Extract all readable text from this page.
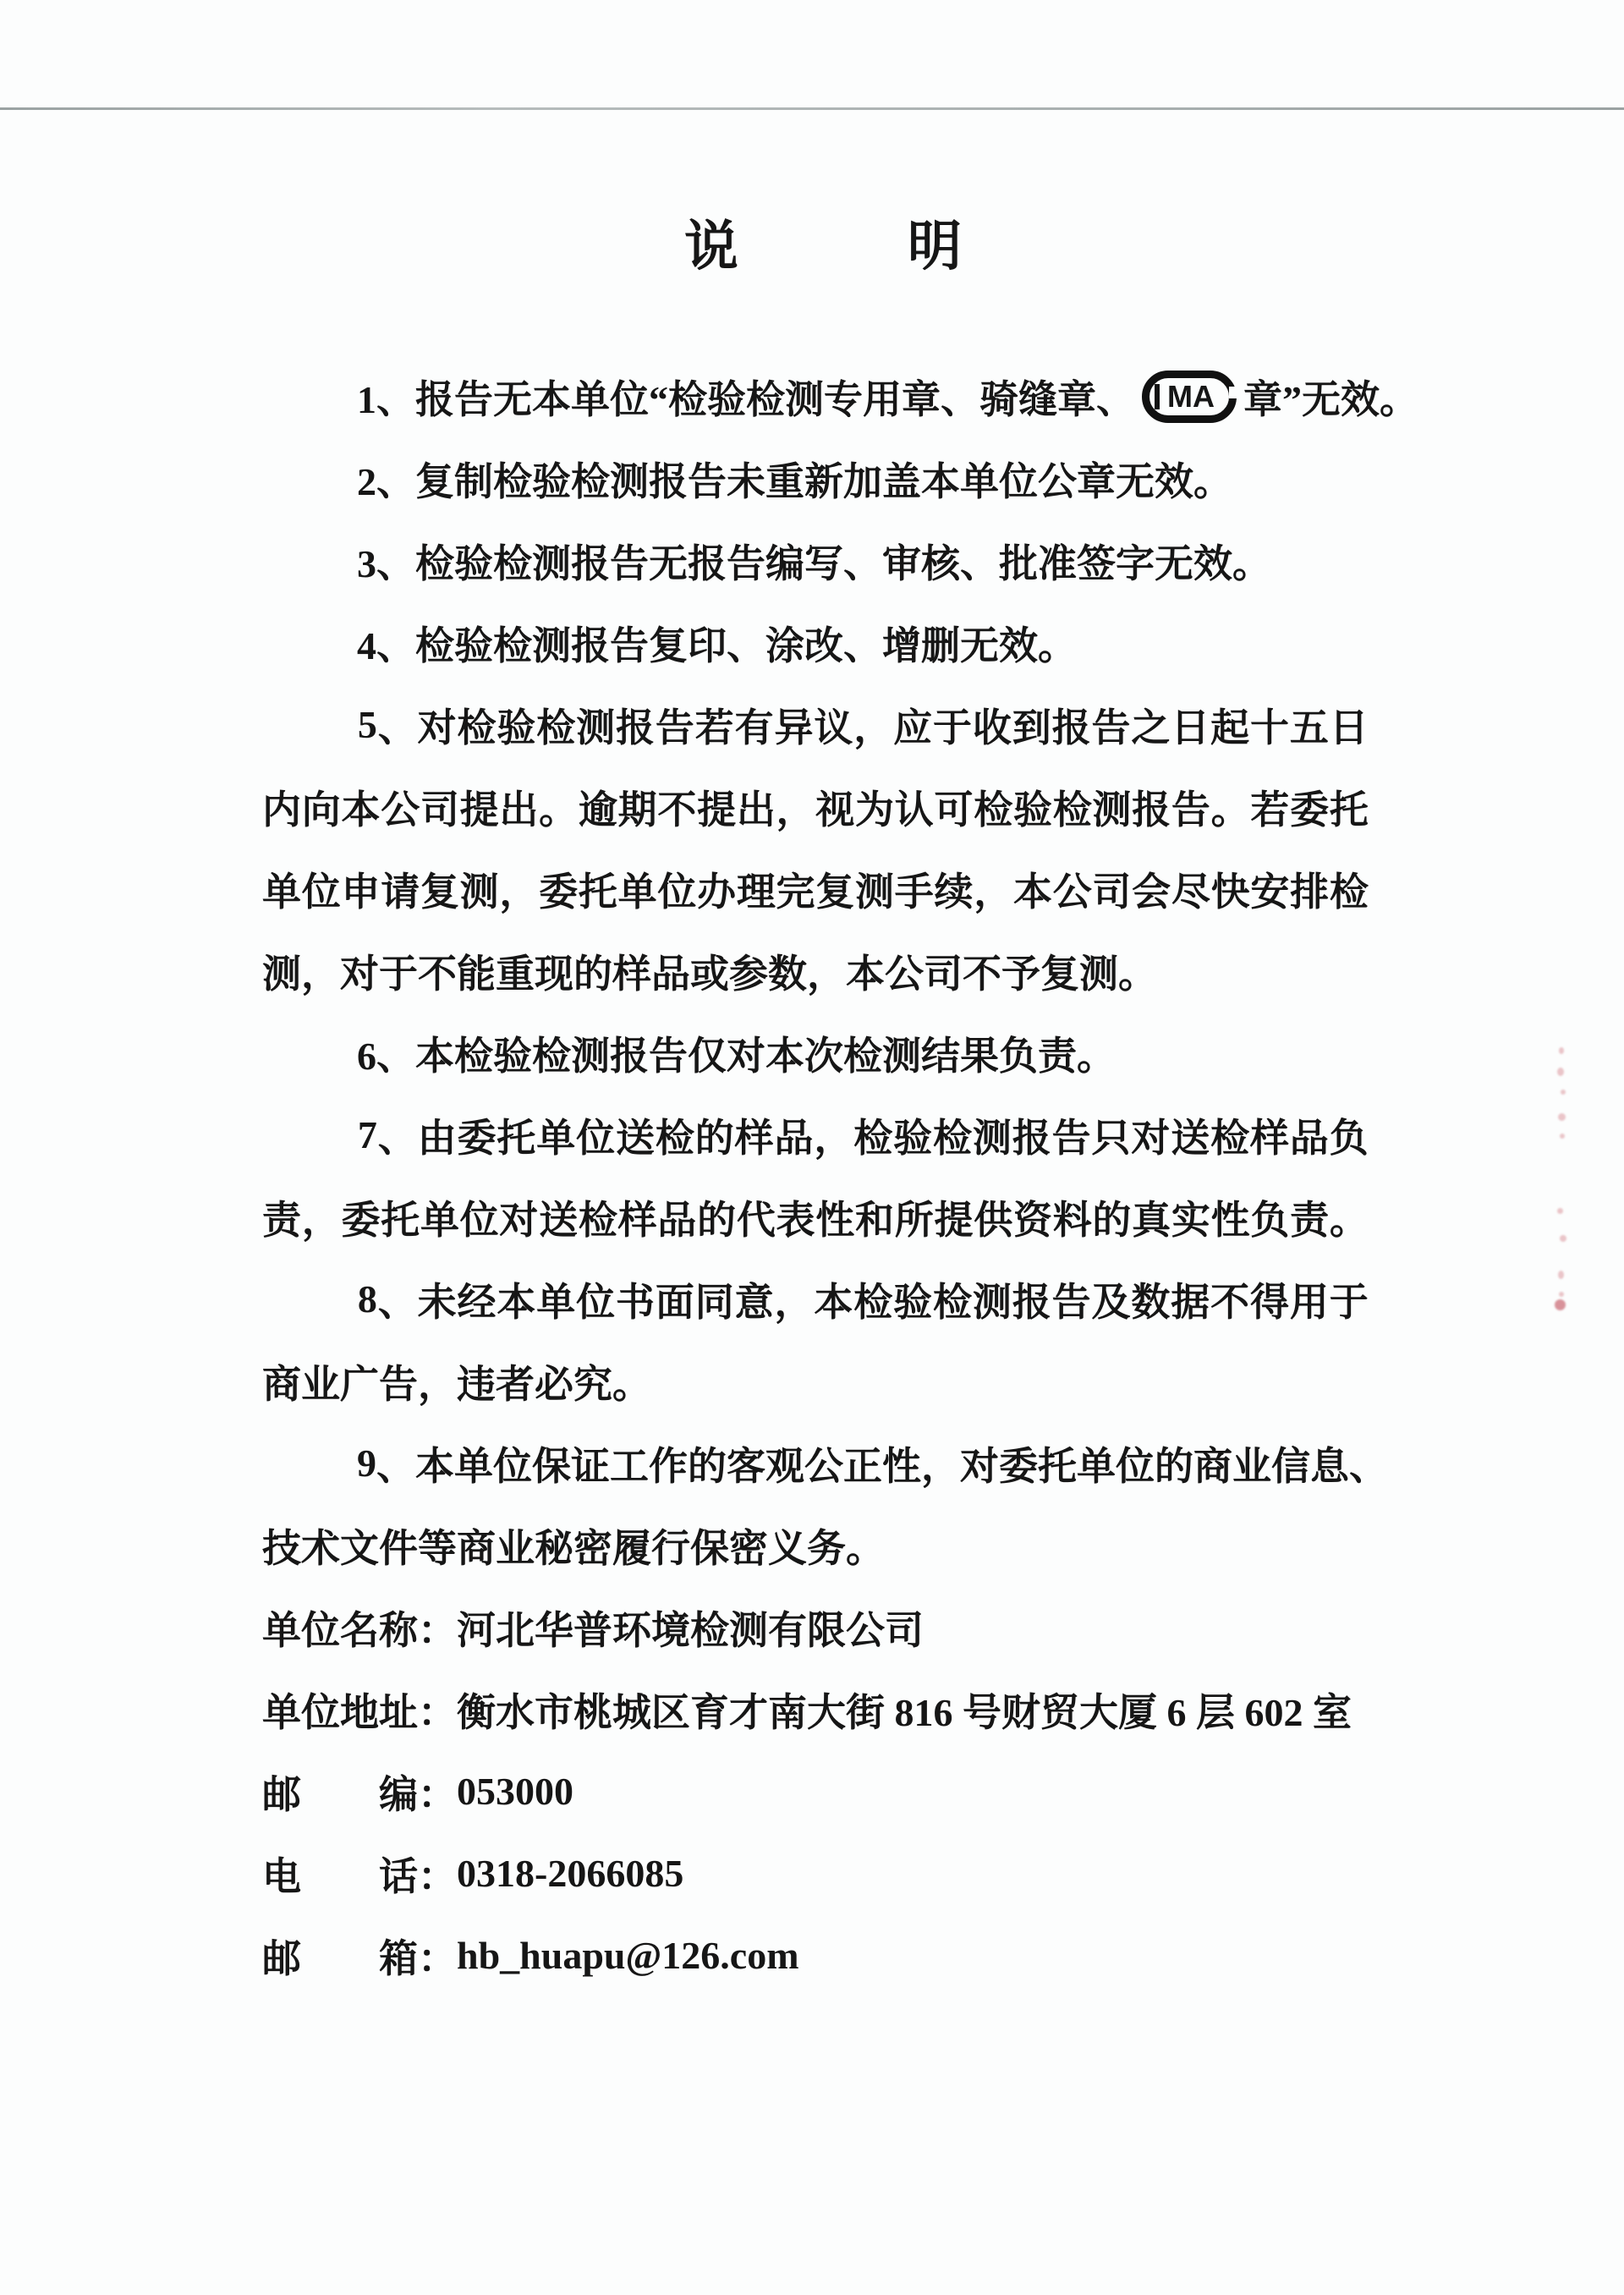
说　　　明
1、报告无本单位“检验检测专用章、骑缝章、 MA 章”无效。
2、复制检验检测报告未重新加盖本单位公章无效。
3、检验检测报告无报告编写、审核、批准签字无效。
4、检验检测报告复印、涂改、增删无效。
5 、 对 检 验 检 测 报 告 若 有 异 议 ， 应 于 收 到 报 告 之 日 起 十 五 日
内 向 本 公 司 提 出 。 逾 期 不 提 出 ， 视 为 认 可 检 验 检 测 报 告 。 若 委 托
单 位 申 请 复 测 ， 委 托 单 位 办 理 完 复 测 手 续 ， 本 公 司 会 尽 快 安 排 检
测，对于不能重现的样品或参数，本公司不予复测。
6、本检验检测报告仅对本次检测结果负责。
7 、 由 委 托 单 位 送 检 的 样 品 ， 检 验 检 测 报 告 只 对 送 检 样 品 负
责 ， 委 托 单 位 对 送 检 样 品 的 代 表 性 和 所 提 供 资 料 的 真 实 性 负 责 。
8 、 未 经 本 单 位 书 面 同 意 ， 本 检 验 检 测 报 告 及 数 据 不 得 用 于
商业广告，违者必究。
9 、 本 单 位 保 证 工 作 的 客 观 公 正 性 ， 对 委 托 单 位 的 商 业 信 息 、
技术文件等商业秘密履行保密义务。
单位名称： 河北华普环境检测有限公司
单位地址： 衡水市桃城区育才南大街 816 号财贸大厦 6 层 602 室
邮　　编： 053000
电　　话： 0318-2066085
邮　　箱： hb_huapu@126.com
